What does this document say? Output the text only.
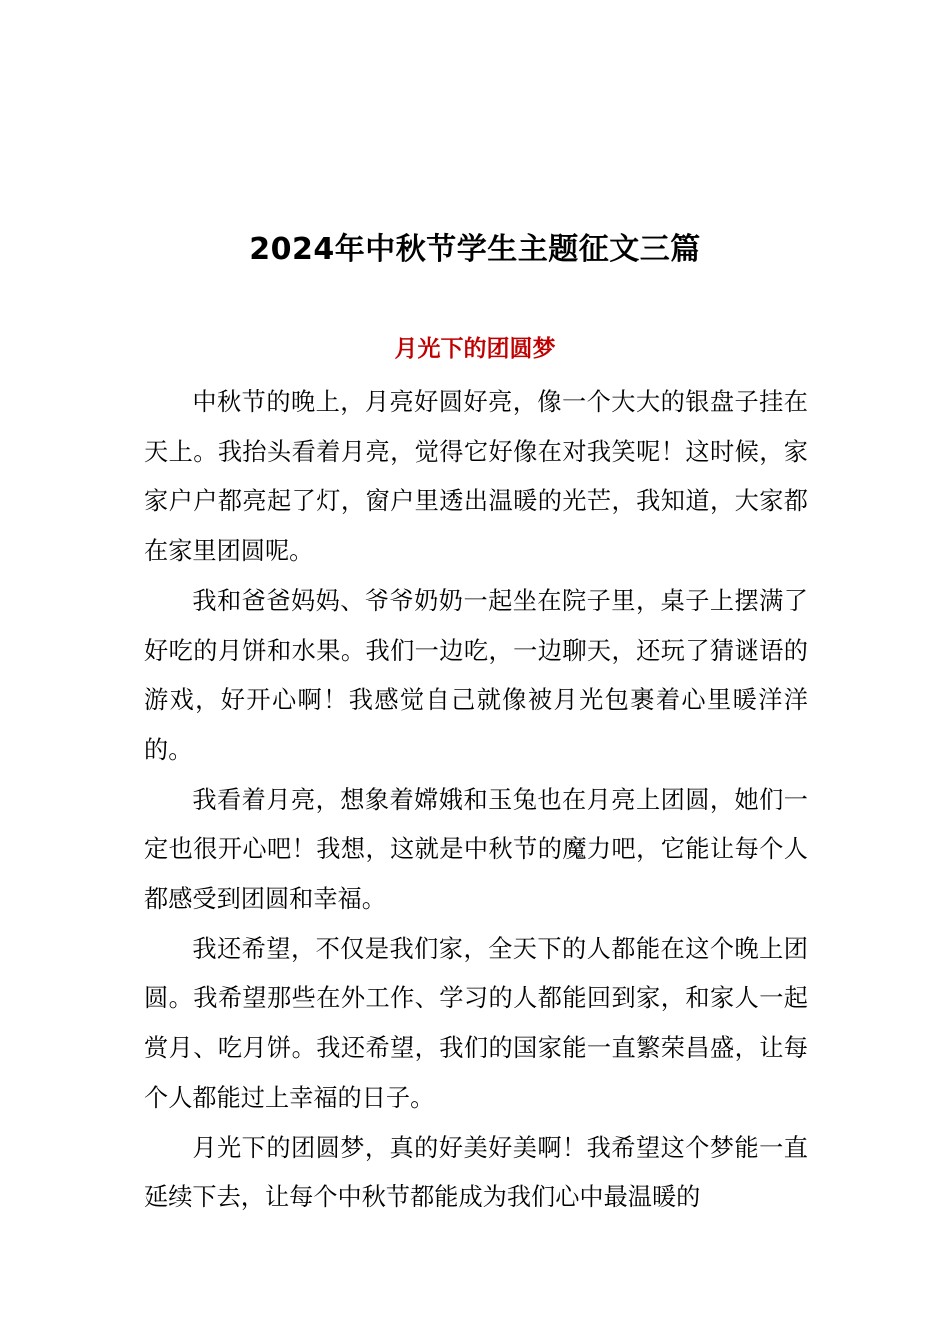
2024年中秋节学生主题征文三篇
月光下的团圆梦

中秋节的晚上，月亮好圆好亮，像一个大大的银盘子挂在天上。我抬头看着月亮，觉得它好像在对我笑呢！这时候，家家户户都亮起了灯，窗户里透出温暖的光芒，我知道，大家都在家里团圆呢。

我和爸爸妈妈、爷爷奶奶一起坐在院子里，桌子上摆满了好吃的月饼和水果。我们一边吃，一边聊天，还玩了猜谜语的游戏，好开心啊！我感觉自己就像被月光包裹着心里暖洋洋的。

我看着月亮，想象着嫦娥和玉兔也在月亮上团圆，她们一定也很开心吧！我想，这就是中秋节的魔力吧，它能让每个人都感受到团圆和幸福。

我还希望，不仅是我们家，全天下的人都能在这个晚上团圆。我希望那些在外工作、学习的人都能回到家，和家人一起赏月、吃月饼。我还希望，我们的国家能一直繁荣昌盛，让每个人都能过上幸福的日子。

月光下的团圆梦，真的好美好美啊！我希望这个梦能一直延续下去，让每个中秋节都能成为我们心中最温暖的
